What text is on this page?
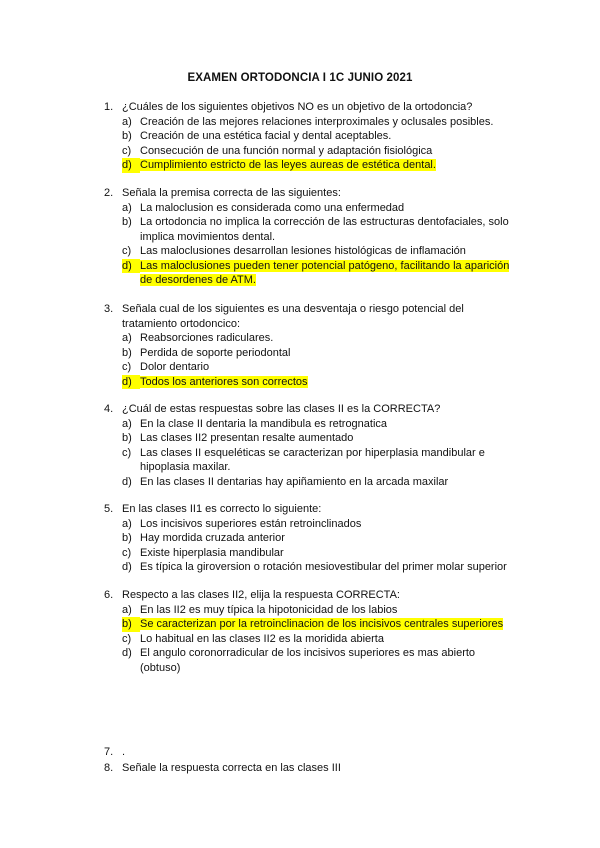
EXAMEN ORTODONCIA I 1C JUNIO 2021
1. ¿Cuáles de los siguientes objetivos NO es un objetivo de la ortodoncia?
a) Creación de las mejores relaciones interproximales y oclusales posibles.
b) Creación de una estética facial y dental aceptables.
c) Consecución de una función normal y adaptación fisiológica
d) Cumplimiento estricto de las leyes aureas de estética dental.
2. Señala la premisa correcta de las siguientes:
a) La maloclusion es considerada como una enfermedad
b) La ortodoncia no implica la corrección de las estructuras dentofaciales, solo
implica movimientos dental.
c) Las maloclusiones desarrollan lesiones histológicas de inflamación
d) Las maloclusiones pueden tener potencial patógeno, facilitando la aparición
de desordenes de ATM.
3. Señala cual de los siguientes es una desventaja o riesgo potencial del
tratamiento ortodoncico:
a) Reabsorciones radiculares.
b) Perdida de soporte periodontal
c) Dolor dentario
d) Todos los anteriores son correctos
4. ¿Cuál de estas respuestas sobre las clases II es la CORRECTA?
a) En la clase II dentaria la mandibula es retrognatica
b) Las clases II2 presentan resalte aumentado
c) Las clases II esqueléticas se caracterizan por hiperplasia mandibular e
hipoplasia maxilar.
d) En las clases II dentarias hay apiñamiento en la arcada maxilar
5. En las clases II1 es correcto lo siguiente:
a) Los incisivos superiores están retroinclinados
b) Hay mordida cruzada anterior
c) Existe hiperplasia mandibular
d) Es típica la giroversion o rotación mesiovestibular del primer molar superior
6. Respecto a las clases II2, elija la respuesta CORRECTA:
a) En las II2 es muy típica la hipotonicidad de los labios
b) Se caracterizan por la retroinclinacion de los incisivos centrales superiores
c) Lo habitual en las clases II2 es la moridida abierta
d) El angulo coronorradicular de los incisivos superiores es mas abierto
(obtuso)
7. .
8. Señale la respuesta correcta en las clases III
